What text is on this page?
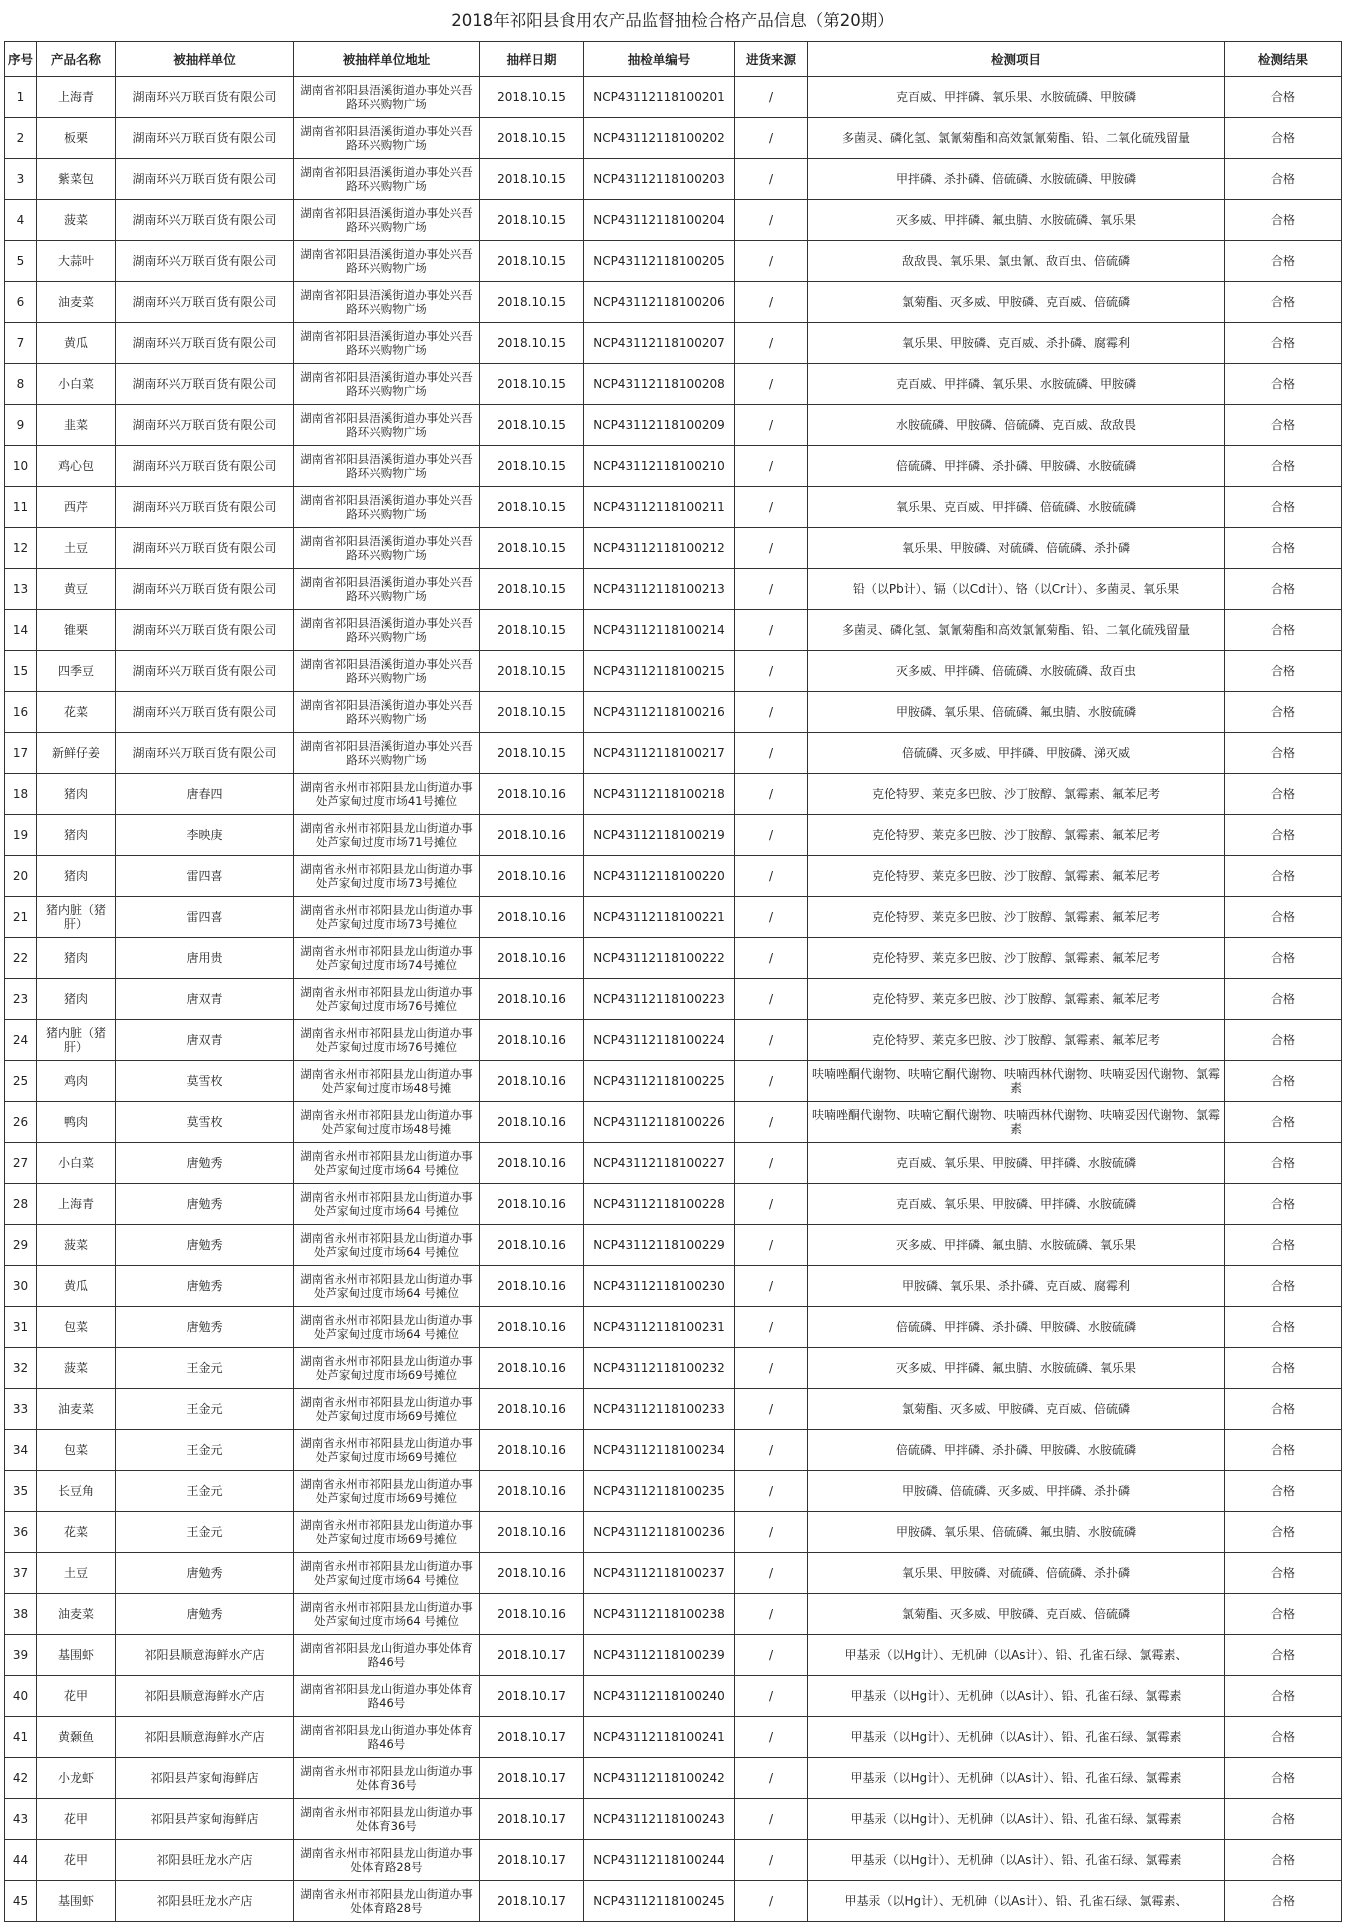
2018年祁阳县食用农产品监督抽检合格产品信息（第20期）
序号	产品名称	被抽样单位	被抽样单位地址	抽样日期	抽检单编号	进货来源	检测项目	检测结果
1	上海青	湖南环兴万联百货有限公司	湖南省祁阳县浯溪街道办事处兴吾路环兴购物广场	2018.10.15	NCP43112118100201	/	克百威、甲拌磷、氧乐果、水胺硫磷、甲胺磷	合格
2	板栗	湖南环兴万联百货有限公司	湖南省祁阳县浯溪街道办事处兴吾路环兴购物广场	2018.10.15	NCP43112118100202	/	多菌灵、磷化氢、氯氰菊酯和高效氯氰菊酯、铅、二氧化硫残留量	合格
3	紫菜包	湖南环兴万联百货有限公司	湖南省祁阳县浯溪街道办事处兴吾路环兴购物广场	2018.10.15	NCP43112118100203	/	甲拌磷、杀扑磷、倍硫磷、水胺硫磷、甲胺磷	合格
4	菠菜	湖南环兴万联百货有限公司	湖南省祁阳县浯溪街道办事处兴吾路环兴购物广场	2018.10.15	NCP43112118100204	/	灭多威、甲拌磷、氟虫腈、水胺硫磷、氧乐果	合格
5	大蒜叶	湖南环兴万联百货有限公司	湖南省祁阳县浯溪街道办事处兴吾路环兴购物广场	2018.10.15	NCP43112118100205	/	敌敌畏、氧乐果、氯虫氰、敌百虫、倍硫磷	合格
6	油麦菜	湖南环兴万联百货有限公司	湖南省祁阳县浯溪街道办事处兴吾路环兴购物广场	2018.10.15	NCP43112118100206	/	氯菊酯、灭多威、甲胺磷、克百威、倍硫磷	合格
7	黄瓜	湖南环兴万联百货有限公司	湖南省祁阳县浯溪街道办事处兴吾路环兴购物广场	2018.10.15	NCP43112118100207	/	氧乐果、甲胺磷、克百威、杀扑磷、腐霉利	合格
8	小白菜	湖南环兴万联百货有限公司	湖南省祁阳县浯溪街道办事处兴吾路环兴购物广场	2018.10.15	NCP43112118100208	/	克百威、甲拌磷、氧乐果、水胺硫磷、甲胺磷	合格
9	韭菜	湖南环兴万联百货有限公司	湖南省祁阳县浯溪街道办事处兴吾路环兴购物广场	2018.10.15	NCP43112118100209	/	水胺硫磷、甲胺磷、倍硫磷、克百威、敌敌畏	合格
10	鸡心包	湖南环兴万联百货有限公司	湖南省祁阳县浯溪街道办事处兴吾路环兴购物广场	2018.10.15	NCP43112118100210	/	倍硫磷、甲拌磷、杀扑磷、甲胺磷、水胺硫磷	合格
11	西芹	湖南环兴万联百货有限公司	湖南省祁阳县浯溪街道办事处兴吾路环兴购物广场	2018.10.15	NCP43112118100211	/	氧乐果、克百威、甲拌磷、倍硫磷、水胺硫磷	合格
12	土豆	湖南环兴万联百货有限公司	湖南省祁阳县浯溪街道办事处兴吾路环兴购物广场	2018.10.15	NCP43112118100212	/	氧乐果、甲胺磷、对硫磷、倍硫磷、杀扑磷	合格
13	黄豆	湖南环兴万联百货有限公司	湖南省祁阳县浯溪街道办事处兴吾路环兴购物广场	2018.10.15	NCP43112118100213	/	铅（以Pb计）、镉（以Cd计）、铬（以Cr计）、多菌灵、氧乐果	合格
14	锥栗	湖南环兴万联百货有限公司	湖南省祁阳县浯溪街道办事处兴吾路环兴购物广场	2018.10.15	NCP43112118100214	/	多菌灵、磷化氢、氯氰菊酯和高效氯氰菊酯、铅、二氧化硫残留量	合格
15	四季豆	湖南环兴万联百货有限公司	湖南省祁阳县浯溪街道办事处兴吾路环兴购物广场	2018.10.15	NCP43112118100215	/	灭多威、甲拌磷、倍硫磷、水胺硫磷、敌百虫	合格
16	花菜	湖南环兴万联百货有限公司	湖南省祁阳县浯溪街道办事处兴吾路环兴购物广场	2018.10.15	NCP43112118100216	/	甲胺磷、氧乐果、倍硫磷、氟虫腈、水胺硫磷	合格
17	新鲜仔姜	湖南环兴万联百货有限公司	湖南省祁阳县浯溪街道办事处兴吾路环兴购物广场	2018.10.15	NCP43112118100217	/	倍硫磷、灭多威、甲拌磷、甲胺磷、涕灭威	合格
18	猪肉	唐春四	湖南省永州市祁阳县龙山街道办事处芦家甸过度市场41号摊位	2018.10.16	NCP43112118100218	/	克伦特罗、莱克多巴胺、沙丁胺醇、氯霉素、氟苯尼考	合格
19	猪肉	李映庚	湖南省永州市祁阳县龙山街道办事处芦家甸过度市场71号摊位	2018.10.16	NCP43112118100219	/	克伦特罗、莱克多巴胺、沙丁胺醇、氯霉素、氟苯尼考	合格
20	猪肉	雷四喜	湖南省永州市祁阳县龙山街道办事处芦家甸过度市场73号摊位	2018.10.16	NCP43112118100220	/	克伦特罗、莱克多巴胺、沙丁胺醇、氯霉素、氟苯尼考	合格
21	猪内脏（猪肝）	雷四喜	湖南省永州市祁阳县龙山街道办事处芦家甸过度市场73号摊位	2018.10.16	NCP43112118100221	/	克伦特罗、莱克多巴胺、沙丁胺醇、氯霉素、氟苯尼考	合格
22	猪肉	唐用贵	湖南省永州市祁阳县龙山街道办事处芦家甸过度市场74号摊位	2018.10.16	NCP43112118100222	/	克伦特罗、莱克多巴胺、沙丁胺醇、氯霉素、氟苯尼考	合格
23	猪肉	唐双青	湖南省永州市祁阳县龙山街道办事处芦家甸过度市场76号摊位	2018.10.16	NCP43112118100223	/	克伦特罗、莱克多巴胺、沙丁胺醇、氯霉素、氟苯尼考	合格
24	猪内脏（猪肝）	唐双青	湖南省永州市祁阳县龙山街道办事处芦家甸过度市场76号摊位	2018.10.16	NCP43112118100224	/	克伦特罗、莱克多巴胺、沙丁胺醇、氯霉素、氟苯尼考	合格
25	鸡肉	莫雪枚	湖南省永州市祁阳县龙山街道办事处芦家甸过度市场48号摊	2018.10.16	NCP43112118100225	/	呋喃唑酮代谢物、呋喃它酮代谢物、呋喃西林代谢物、呋喃妥因代谢物、氯霉素	合格
26	鸭肉	莫雪枚	湖南省永州市祁阳县龙山街道办事处芦家甸过度市场48号摊	2018.10.16	NCP43112118100226	/	呋喃唑酮代谢物、呋喃它酮代谢物、呋喃西林代谢物、呋喃妥因代谢物、氯霉素	合格
27	小白菜	唐勉秀	湖南省永州市祁阳县龙山街道办事处芦家甸过度市场64 号摊位	2018.10.16	NCP43112118100227	/	克百威、氧乐果、甲胺磷、甲拌磷、水胺硫磷	合格
28	上海青	唐勉秀	湖南省永州市祁阳县龙山街道办事处芦家甸过度市场64 号摊位	2018.10.16	NCP43112118100228	/	克百威、氧乐果、甲胺磷、甲拌磷、水胺硫磷	合格
29	菠菜	唐勉秀	湖南省永州市祁阳县龙山街道办事处芦家甸过度市场64 号摊位	2018.10.16	NCP43112118100229	/	灭多威、甲拌磷、氟虫腈、水胺硫磷、氧乐果	合格
30	黄瓜	唐勉秀	湖南省永州市祁阳县龙山街道办事处芦家甸过度市场64 号摊位	2018.10.16	NCP43112118100230	/	甲胺磷、氧乐果、杀扑磷、克百威、腐霉利	合格
31	包菜	唐勉秀	湖南省永州市祁阳县龙山街道办事处芦家甸过度市场64 号摊位	2018.10.16	NCP43112118100231	/	倍硫磷、甲拌磷、杀扑磷、甲胺磷、水胺硫磷	合格
32	菠菜	王金元	湖南省永州市祁阳县龙山街道办事处芦家甸过度市场69号摊位	2018.10.16	NCP43112118100232	/	灭多威、甲拌磷、氟虫腈、水胺硫磷、氧乐果	合格
33	油麦菜	王金元	湖南省永州市祁阳县龙山街道办事处芦家甸过度市场69号摊位	2018.10.16	NCP43112118100233	/	氯菊酯、灭多威、甲胺磷、克百威、倍硫磷	合格
34	包菜	王金元	湖南省永州市祁阳县龙山街道办事处芦家甸过度市场69号摊位	2018.10.16	NCP43112118100234	/	倍硫磷、甲拌磷、杀扑磷、甲胺磷、水胺硫磷	合格
35	长豆角	王金元	湖南省永州市祁阳县龙山街道办事处芦家甸过度市场69号摊位	2018.10.16	NCP43112118100235	/	甲胺磷、倍硫磷、灭多威、甲拌磷、杀扑磷	合格
36	花菜	王金元	湖南省永州市祁阳县龙山街道办事处芦家甸过度市场69号摊位	2018.10.16	NCP43112118100236	/	甲胺磷、氧乐果、倍硫磷、氟虫腈、水胺硫磷	合格
37	土豆	唐勉秀	湖南省永州市祁阳县龙山街道办事处芦家甸过度市场64 号摊位	2018.10.16	NCP43112118100237	/	氧乐果、甲胺磷、对硫磷、倍硫磷、杀扑磷	合格
38	油麦菜	唐勉秀	湖南省永州市祁阳县龙山街道办事处芦家甸过度市场64 号摊位	2018.10.16	NCP43112118100238	/	氯菊酯、灭多威、甲胺磷、克百威、倍硫磷	合格
39	基围虾	祁阳县顺意海鲜水产店	湖南省祁阳县龙山街道办事处体育路46号	2018.10.17	NCP43112118100239	/	甲基汞（以Hg计）、无机砷（以As计）、铅、孔雀石绿、氯霉素、	合格
40	花甲	祁阳县顺意海鲜水产店	湖南省祁阳县龙山街道办事处体育路46号	2018.10.17	NCP43112118100240	/	甲基汞（以Hg计）、无机砷（以As计）、铅、孔雀石绿、氯霉素	合格
41	黄颡鱼	祁阳县顺意海鲜水产店	湖南省祁阳县龙山街道办事处体育路46号	2018.10.17	NCP43112118100241	/	甲基汞（以Hg计）、无机砷（以As计）、铅、孔雀石绿、氯霉素	合格
42	小龙虾	祁阳县芦家甸海鲜店	湖南省永州市祁阳县龙山街道办事处体育36号	2018.10.17	NCP43112118100242	/	甲基汞（以Hg计）、无机砷（以As计）、铅、孔雀石绿、氯霉素	合格
43	花甲	祁阳县芦家甸海鲜店	湖南省永州市祁阳县龙山街道办事处体育36号	2018.10.17	NCP43112118100243	/	甲基汞（以Hg计）、无机砷（以As计）、铅、孔雀石绿、氯霉素	合格
44	花甲	祁阳县旺龙水产店	湖南省永州市祁阳县龙山街道办事处体育路28号	2018.10.17	NCP43112118100244	/	甲基汞（以Hg计）、无机砷（以As计）、铅、孔雀石绿、氯霉素	合格
45	基围虾	祁阳县旺龙水产店	湖南省永州市祁阳县龙山街道办事处体育路28号	2018.10.17	NCP43112118100245	/	甲基汞（以Hg计）、无机砷（以As计）、铅、孔雀石绿、氯霉素、	合格
